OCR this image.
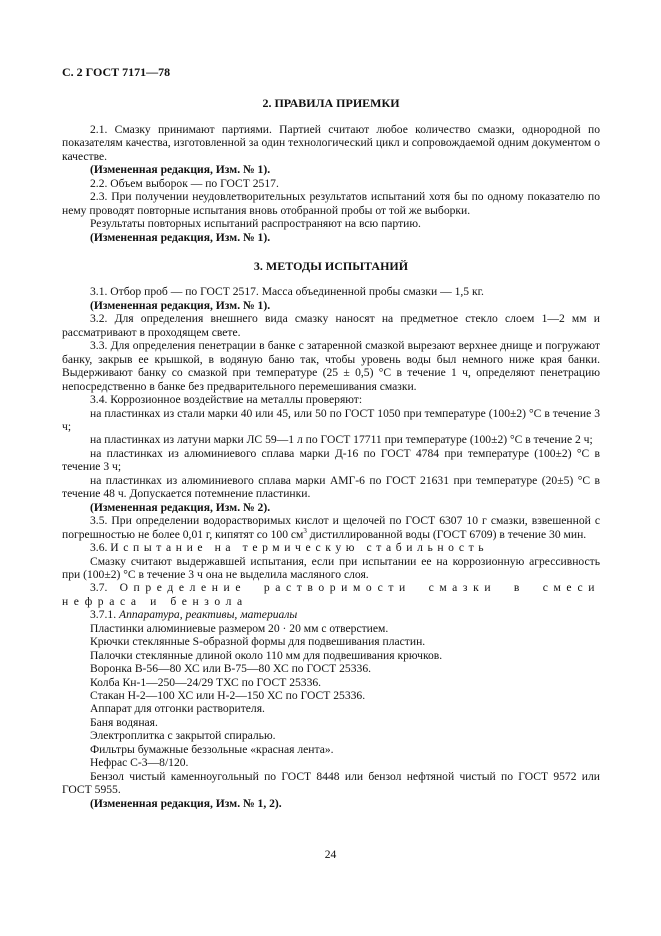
С. 2 ГОСТ 7171—78
2. ПРАВИЛА ПРИЕМКИ

2.1. Смазку принимают партиями. Партией считают любое количество смазки, однородной по показателям качества, изготовленной за один технологический цикл и сопровождаемой одним документом о качестве.

(Измененная редакция, Изм. № 1).

2.2. Объем выборок — по ГОСТ 2517.

2.3. При получении неудовлетворительных результатов испытаний хотя бы по одному показателю по нему проводят повторные испытания вновь отобранной пробы от той же выборки.

Результаты повторных испытаний распространяют на всю партию.

(Измененная редакция, Изм. № 1).

3. МЕТОДЫ ИСПЫТАНИЙ

3.1. Отбор проб — по ГОСТ 2517. Масса объединенной пробы смазки — 1,5 кг.

(Измененная редакция, Изм. № 1).

3.2. Для определения внешнего вида смазку наносят на предметное стекло слоем 1—2 мм и рассматривают в проходящем свете.

3.3. Для определения пенетрации в банке с затаренной смазкой вырезают верхнее днище и погружают банку, закрыв ее крышкой, в водяную баню так, чтобы уровень воды был немного ниже края банки. Выдерживают банку со смазкой при температуре (25 ± 0,5) °С в течение 1 ч, определяют пенетрацию непосредственно в банке без предварительного перемешивания смазки.

3.4. Коррозионное воздействие на металлы проверяют:

на пластинках из стали марки 40 или 45, или 50 по ГОСТ 1050 при температуре (100±2) °С в течение 3 ч;

на пластинках из латуни марки ЛС 59—1 л по ГОСТ 17711 при температуре (100±2) °С в течение 2 ч;

на пластинках из алюминиевого сплава марки Д-16 по ГОСТ 4784 при температуре (100±2) °С в течение 3 ч;

на пластинках из алюминиевого сплава марки АМГ-6 по ГОСТ 21631 при температуре (20±5) °С в течение 48 ч. Допускается потемнение пластинки.

(Измененная редакция, Изм. № 2).

3.5. При определении водорастворимых кислот и щелочей по ГОСТ 6307 10 г смазки, взвешенной с погрешностью не более 0,01 г, кипятят со 100 $см^3$ дистиллированной воды (ГОСТ 6709) в течение 30 мин.

3.6. Испытание на термическую стабильность

Смазку считают выдержавшей испытания, если при испытании ее на коррозионную агрессивность при (100±2) °С в течение 3 ч она не выделила масляного слоя.

3.7. Определение растворимости смазки в смеси нефраса и бензола

3.7.1. Аппаратура, реактивы, материалы

Пластинки алюминиевые размером 20 · 20 мм с отверстием.

Крючки стеклянные S-образной формы для подвешивания пластин.

Палочки стеклянные длиной около 110 мм для подвешивания крючков.

Воронка В-56—80 ХС или В-75—80 ХС по ГОСТ 25336.

Колба Кн-1—250—24/29 ТХС по ГОСТ 25336.

Стакан Н-2—100 ХС или Н-2—150 ХС по ГОСТ 25336.

Аппарат для отгонки растворителя.

Баня водяная.

Электроплитка с закрытой спиралью.

Фильтры бумажные беззольные «красная лента».

Нефрас С-3—8/120.

Бензол чистый каменноугольный по ГОСТ 8448 или бензол нефтяной чистый по ГОСТ 9572 или ГОСТ 5955.

(Измененная редакция, Изм. № 1, 2).

24
